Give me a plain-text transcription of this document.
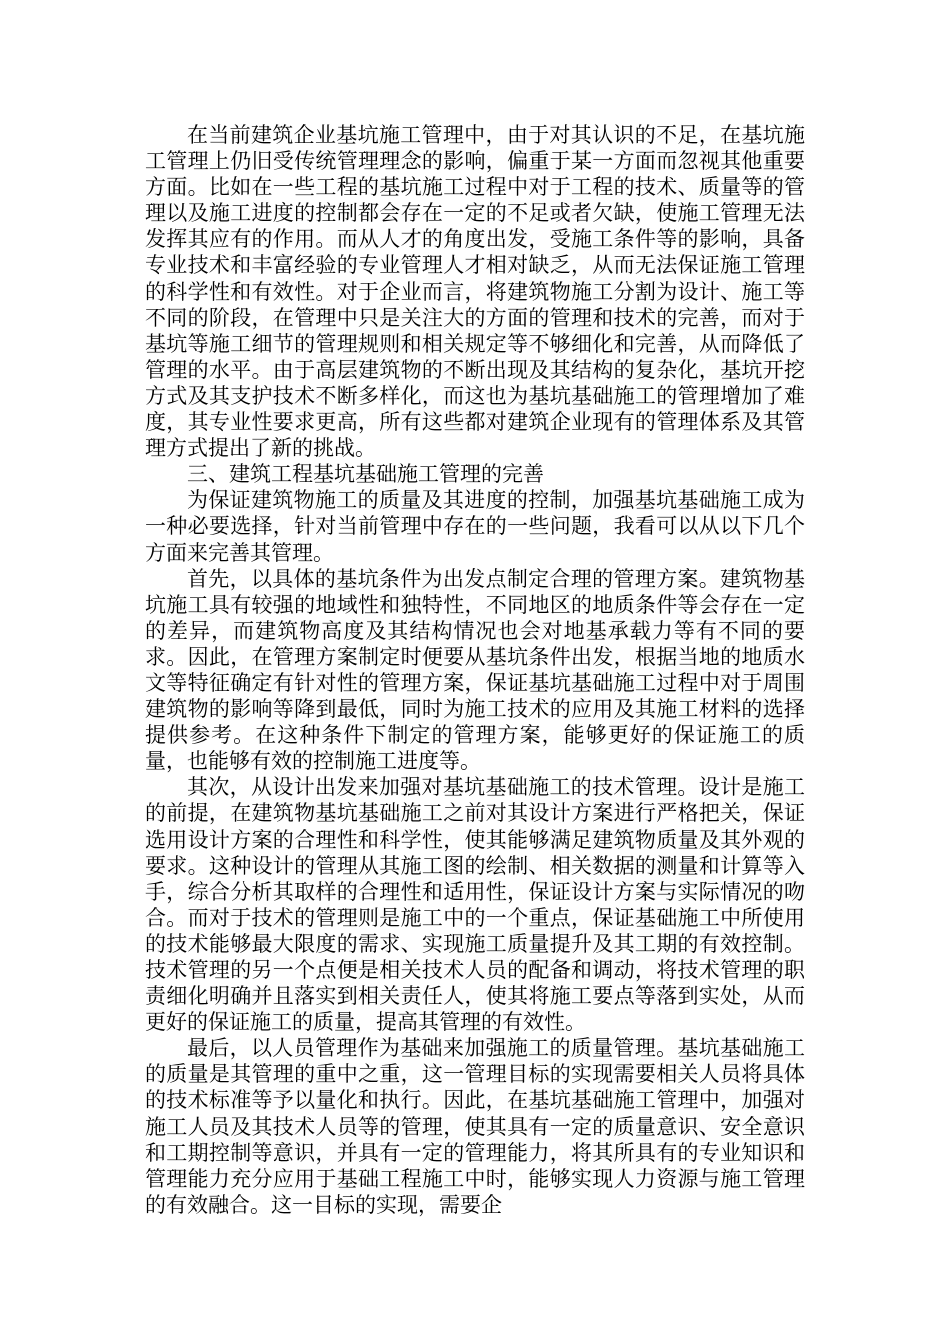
在当前建筑企业基坑施工管理中，由于对其认识的不足，在基坑施工管理上仍旧受传统管理理念的影响，偏重于某一方面而忽视其他重要方面。比如在一些工程的基坑施工过程中对于工程的技术、质量等的管理以及施工进度的控制都会存在一定的不足或者欠缺，使施工管理无法发挥其应有的作用。而从人才的角度出发，受施工条件等的影响，具备专业技术和丰富经验的专业管理人才相对缺乏，从而无法保证施工管理的科学性和有效性。对于企业而言，将建筑物施工分割为设计、施工等不同的阶段，在管理中只是关注大的方面的管理和技术的完善，而对于基坑等施工细节的管理规则和相关规定等不够细化和完善，从而降低了管理的水平。由于高层建筑物的不断出现及其结构的复杂化，基坑开挖方式及其支护技术不断多样化，而这也为基坑基础施工的管理增加了难度，其专业性要求更高，所有这些都对建筑企业现有的管理体系及其管理方式提出了新的挑战。

三、建筑工程基坑基础施工管理的完善

为保证建筑物施工的质量及其进度的控制，加强基坑基础施工成为一种必要选择，针对当前管理中存在的一些问题，我看可以从以下几个方面来完善其管理。

首先，以具体的基坑条件为出发点制定合理的管理方案。建筑物基坑施工具有较强的地域性和独特性，不同地区的地质条件等会存在一定的差异，而建筑物高度及其结构情况也会对地基承载力等有不同的要求。因此，在管理方案制定时便要从基坑条件出发，根据当地的地质水文等特征确定有针对性的管理方案，保证基坑基础施工过程中对于周围建筑物的影响等降到最低，同时为施工技术的应用及其施工材料的选择提供参考。在这种条件下制定的管理方案，能够更好的保证施工的质量，也能够有效的控制施工进度等。

其次，从设计出发来加强对基坑基础施工的技术管理。设计是施工的前提，在建筑物基坑基础施工之前对其设计方案进行严格把关，保证选用设计方案的合理性和科学性，使其能够满足建筑物质量及其外观的要求。这种设计的管理从其施工图的绘制、相关数据的测量和计算等入手，综合分析其取样的合理性和适用性，保证设计方案与实际情况的吻合。而对于技术的管理则是施工中的一个重点，保证基础施工中所使用的技术能够最大限度的需求、实现施工质量提升及其工期的有效控制。技术管理的另一个点便是相关技术人员的配备和调动，将技术管理的职责细化明确并且落实到相关责任人，使其将施工要点等落到实处，从而更好的保证施工的质量，提高其管理的有效性。

最后，以人员管理作为基础来加强施工的质量管理。基坑基础施工的质量是其管理的重中之重，这一管理目标的实现需要相关人员将具体的技术标准等予以量化和执行。因此，在基坑基础施工管理中，加强对施工人员及其技术人员等的管理，使其具有一定的质量意识、安全意识和工期控制等意识，并具有一定的管理能力，将其所具有的专业知识和管理能力充分应用于基础工程施工中时，能够实现人力资源与施工管理的有效融合。这一目标的实现，需要企
